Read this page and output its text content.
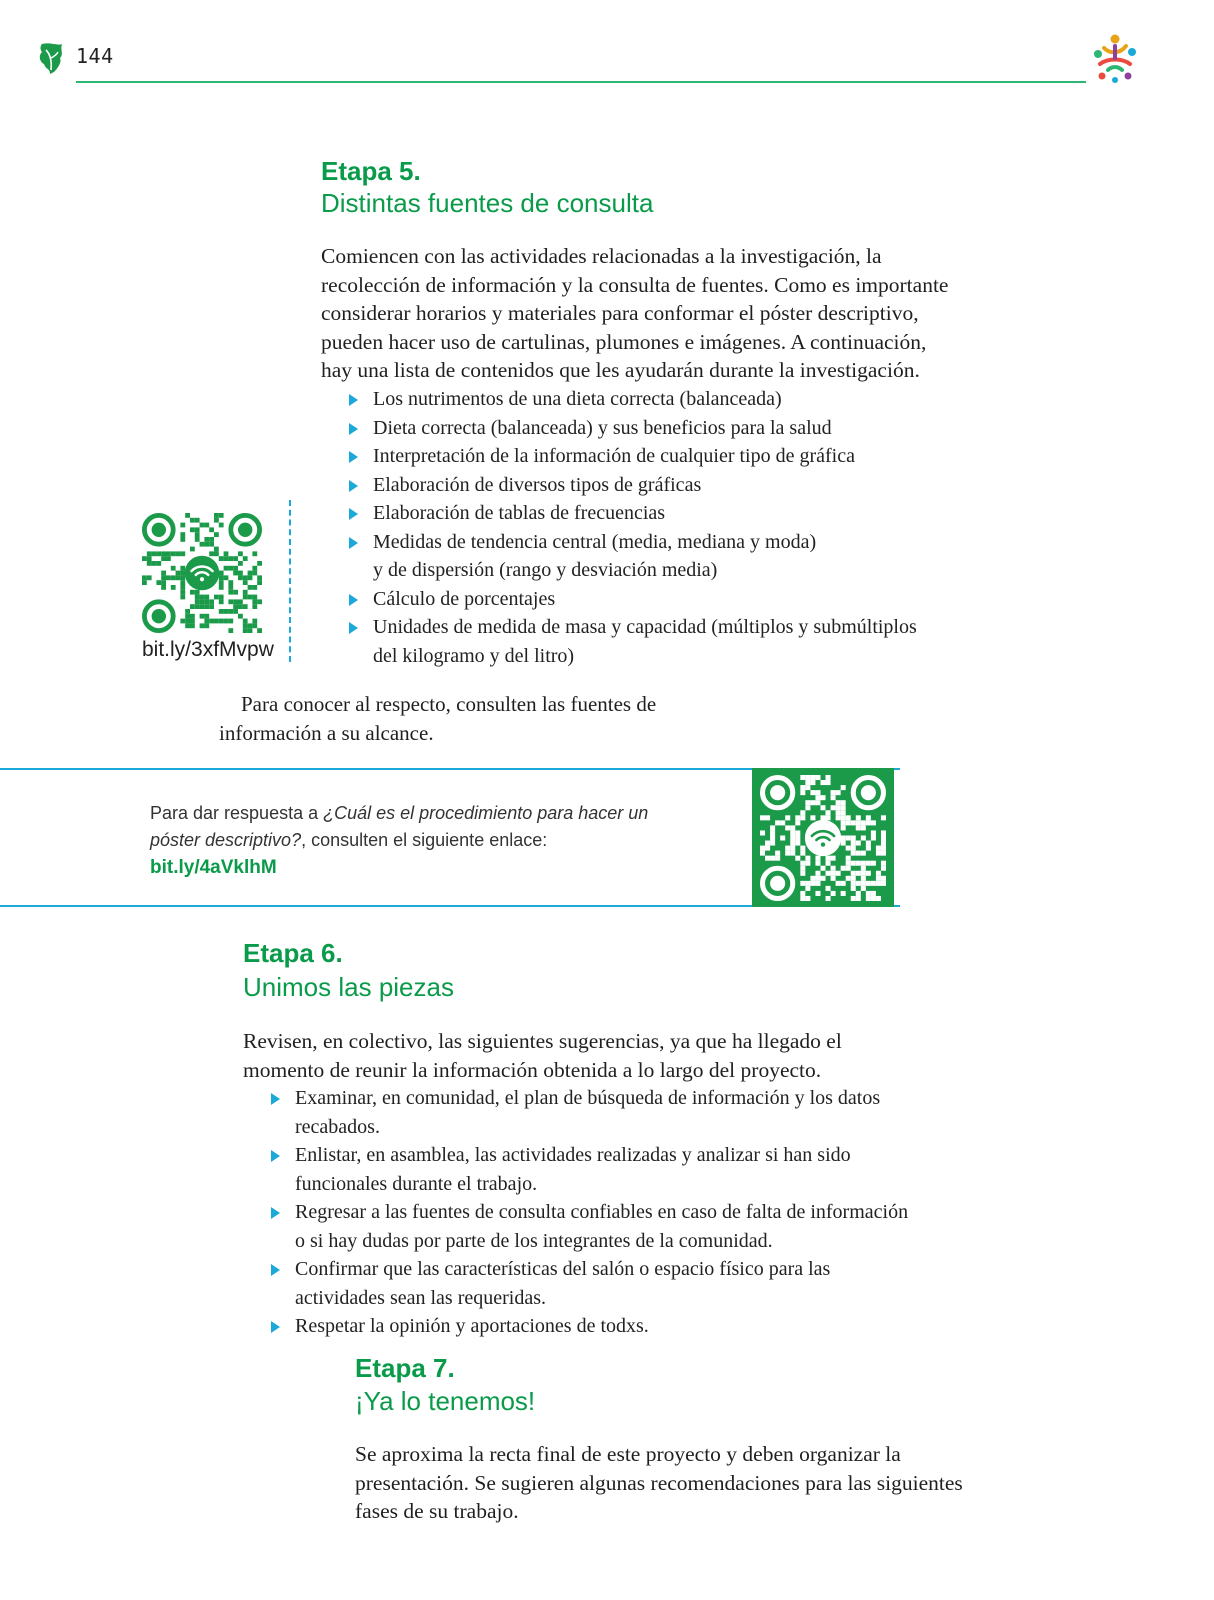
144
Etapa 5.
Distintas fuentes de consulta
Comiencen con las actividades relacionadas a la investigación, la
recolección de información y la consulta de fuentes. Como es importante
considerar horarios y materiales para conformar el póster descriptivo,
pueden hacer uso de cartulinas, plumones e imágenes. A continuación,
hay una lista de contenidos que les ayudarán durante la investigación.
Los nutrimentos de una dieta correcta (balanceada)
Dieta correcta (balanceada) y sus beneficios para la salud
Interpretación de la información de cualquier tipo de gráfica
Elaboración de diversos tipos de gráficas
Elaboración de tablas de frecuencias
Medidas de tendencia central (media, mediana y moda)
y de dispersión (rango y desviación media)
Cálculo de porcentajes
Unidades de medida de masa y capacidad (múltiplos y submúltiplos
del kilogramo y del litro)
bit.ly/3xfMvpw
Para conocer al respecto, consulten las fuentes de
información a su alcance.
Para dar respuesta a ¿Cuál es el procedimiento para hacer un
póster descriptivo?, consulten el siguiente enlace:
bit.ly/4aVklhM
Etapa 6.
Unimos las piezas
Revisen, en colectivo, las siguientes sugerencias, ya que ha llegado el
momento de reunir la información obtenida a lo largo del proyecto.
Examinar, en comunidad, el plan de búsqueda de información y los datos
recabados.
Enlistar, en asamblea, las actividades realizadas y analizar si han sido
funcionales durante el trabajo.
Regresar a las fuentes de consulta confiables en caso de falta de información
o si hay dudas por parte de los integrantes de la comunidad.
Confirmar que las características del salón o espacio físico para las
actividades sean las requeridas.
Respetar la opinión y aportaciones de todxs.
Etapa 7.
¡Ya lo tenemos!
Se aproxima la recta final de este proyecto y deben organizar la
presentación. Se sugieren algunas recomendaciones para las siguientes
fases de su trabajo.
